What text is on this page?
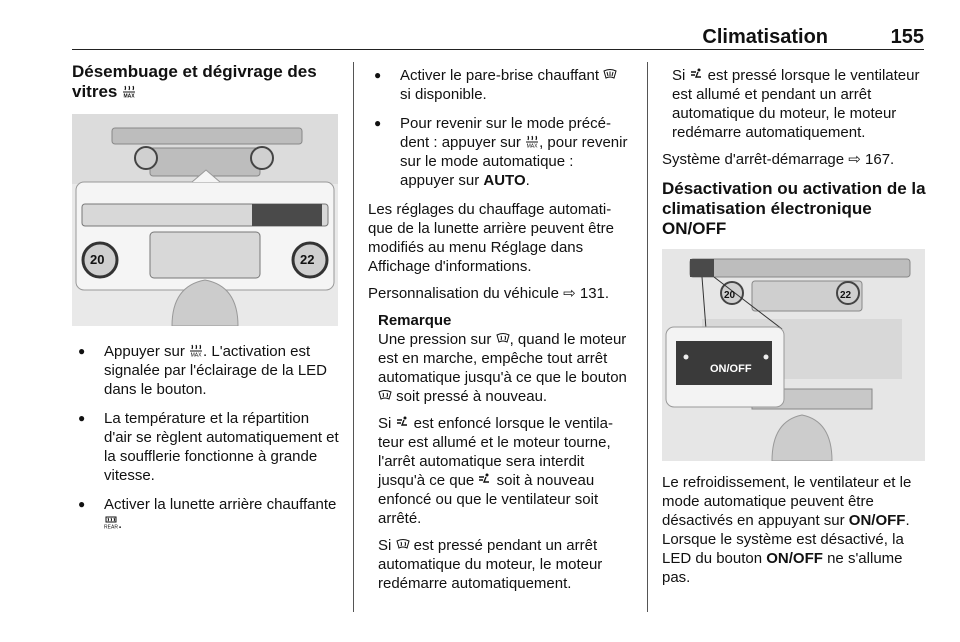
Climatisation	155
Désembuage et dégivrage des vitres MAX
20	22
● Appuyer sur MAX . L'activation est signalée par l'éclairage de la LED dans le bouton.
● La température et la répartition d'air se règlent automatiquement et la soufflerie fonctionne à grande vitesse.
● Activer la lunette arrière chauffante
REAR .
● Activer le pare-brise chauffant  si disponible.
● Pour revenir sur le mode précédent : appuyer sur MAX , pour revenir sur le mode automatique : appuyer sur AUTO.

Les réglages du chauffage automatique de la lunette arrière peuvent être modifiés au menu Réglage dans Affichage d'informations.

Personnalisation du véhicule ⇨ 131.

Remarque

Une pression sur , quand le moteur est en marche, empêche tout arrêt automatique jusqu'à ce que le bouton  soit pressé à nouveau.

Si  est enfoncé lorsque le ventilateur est allumé et le moteur tourne, l'arrêt automatique sera interdit jusqu'à ce que  soit à nouveau enfoncé ou que le ventilateur soit arrêté.

Si  est pressé pendant un arrêt automatique du moteur, le moteur redémarre automatiquement.

Si  est pressé lorsque le ventilateur est allumé et pendant un arrêt automatique du moteur, le moteur redémarre automatiquement.

Système d'arrêt-démarrage ⇨ 167.

Désactivation ou activation de la climatisation électronique ON/OFF
ON/OFF
20	22

Le refroidissement, le ventilateur et le mode automatique peuvent être désactivés en appuyant sur ON/OFF. Lorsque le système est désactivé, la LED du bouton ON/OFF ne s'allume pas.
